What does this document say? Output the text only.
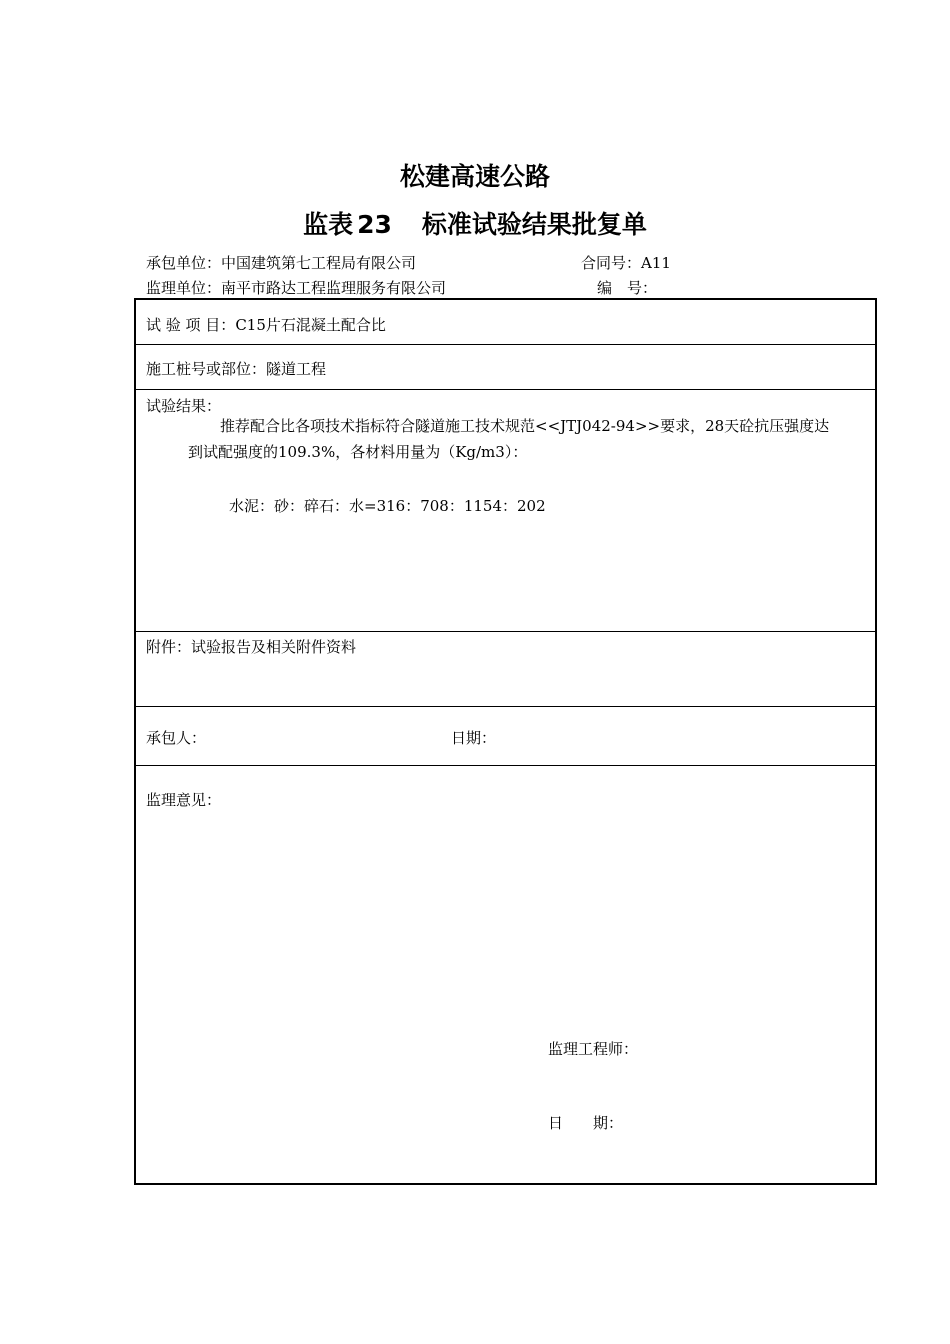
松建高速公路
监表 23 标准试验结果批复单
承包单位：中国建筑第七工程局有限公司	合同号：A11
监理单位：南平市路达工程监理服务有限公司	编　号：
试 验 项 目：C15片石混凝土配合比
施工桩号或部位：隧道工程
试验结果：
推荐配合比各项技术指标符合隧道施工技术规范<<JTJ042-94>>要求，28天砼抗压强度达
到试配强度的109.3%，各材料用量为（Kg/m3）：
水泥：砂：碎石：水=316：708：1154：202
附件：试验报告及相关附件资料
承包人：	日期：
监理意见：
监理工程师：
日　　期：
